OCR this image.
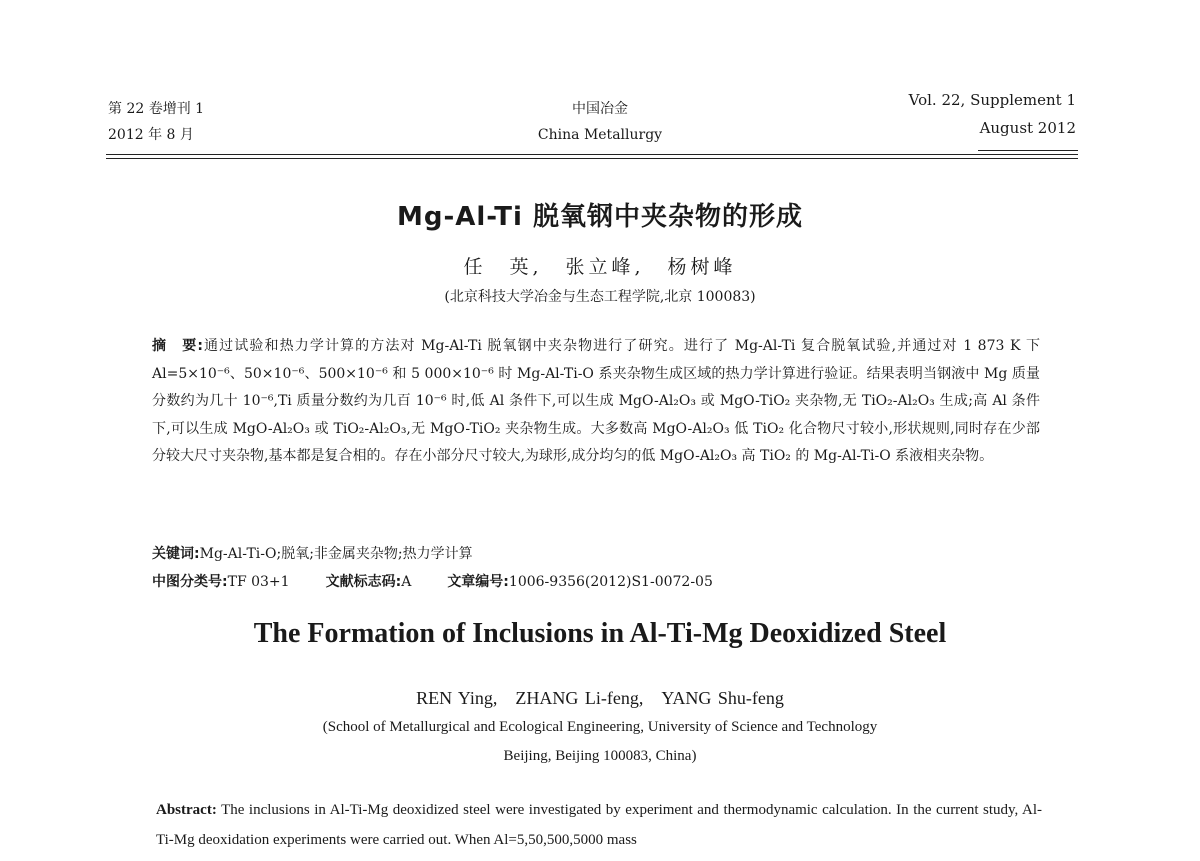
第 22 卷增刊 1
2012 年 8 月
中国冶金
China Metallurgy
Vol. 22, Supplement 1
August 2012
Mg-Al-Ti 脱氧钢中夹杂物的形成
任　英,　张立峰,　杨树峰
(北京科技大学冶金与生态工程学院,北京 100083)
摘　要:通过试验和热力学计算的方法对 Mg-Al-Ti 脱氧钢中夹杂物进行了研究。进行了 Mg-Al-Ti 复合脱氧试验,并通过对 1 873 K 下 Al=5×10⁻⁶、50×10⁻⁶、500×10⁻⁶ 和 5 000×10⁻⁶ 时 Mg-Al-Ti-O 系夹杂物生成区域的热力学计算进行验证。结果表明当钢液中 Mg 质量分数约为几十 10⁻⁶,Ti 质量分数约为几百 10⁻⁶ 时,低 Al 条件下,可以生成 MgO-Al₂O₃ 或 MgO-TiO₂ 夹杂物,无 TiO₂-Al₂O₃ 生成;高 Al 条件下,可以生成 MgO-Al₂O₃ 或 TiO₂-Al₂O₃,无 MgO-TiO₂ 夹杂物生成。大多数高 MgO-Al₂O₃ 低 TiO₂ 化合物尺寸较小,形状规则,同时存在少部分较大尺寸夹杂物,基本都是复合相的。存在小部分尺寸较大,为球形,成分均匀的低 MgO-Al₂O₃ 高 TiO₂ 的 Mg-Al-Ti-O 系液相夹杂物。
关键词:Mg-Al-Ti-O;脱氧;非金属夹杂物;热力学计算
中图分类号:TF 03+1	文献标志码:A	文章编号:1006-9356(2012)S1-0072-05
The Formation of Inclusions in Al-Ti-Mg Deoxidized Steel
REN Ying,　ZHANG Li-feng,　YANG Shu-feng
(School of Metallurgical and Ecological Engineering, University of Science and Technology
Beijing, Beijing 100083, China)
Abstract: The inclusions in Al-Ti-Mg deoxidized steel were investigated by experiment and thermodynamic calculation. In the current study, Al-Ti-Mg deoxidation experiments were carried out. When Al=5,50,500,5000 mass
